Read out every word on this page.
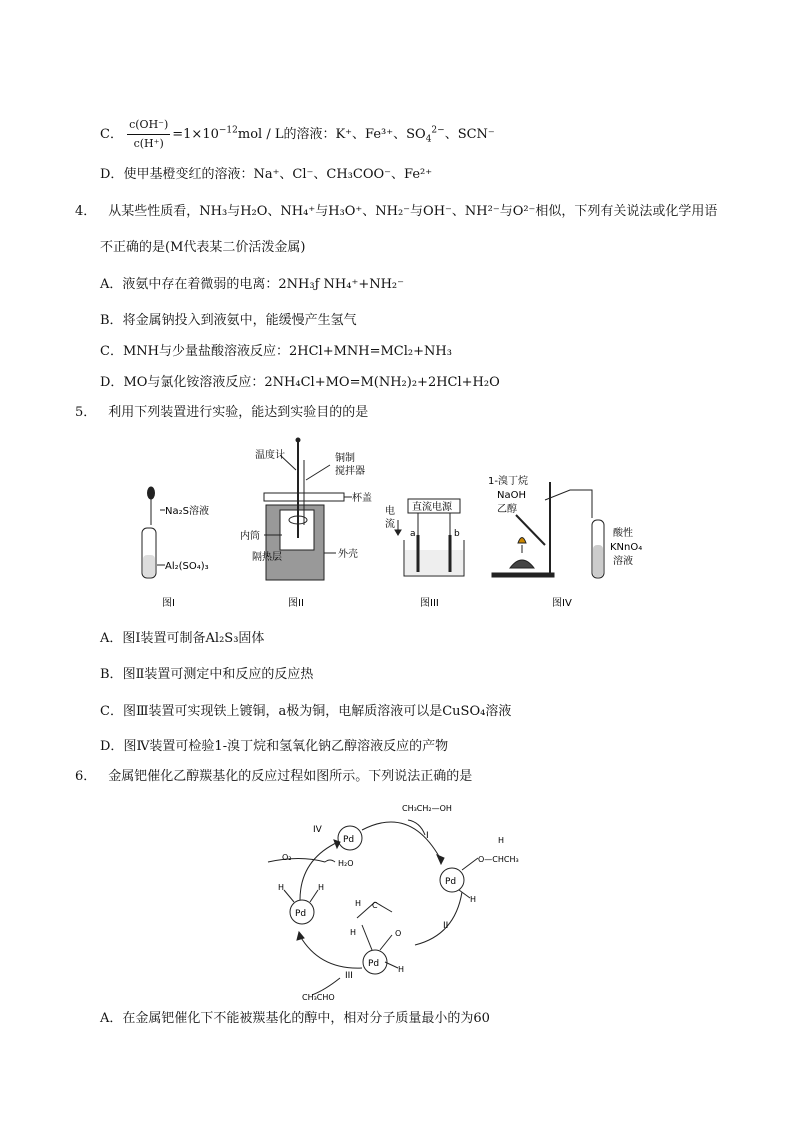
C． $\frac{c(OH^-)}{c(H^+)} =1\times 10^{-12}mol / L$的溶液：K⁺、Fe³⁺、$SO_4^{2-}$、SCN⁻
D．使甲基橙变红的溶液：Na⁺、Cl⁻、CH₃COO⁻、Fe²⁺
4． 从某些性质看，NH₃与H₂O、NH₄⁺与H₃O⁺、NH₂⁻与OH⁻、NH²⁻与O²⁻相似，下列有关说法或化学用语
不正确的是(M代表某二价活泼金属)
A．液氨中存在着微弱的电离：2NH₃ƒ NH₄⁺+NH₂⁻
B．将金属钠投入到液氨中，能缓慢产生氢气
C．MNH与少量盐酸溶液反应：2HCl+MNH=MCl₂+NH₃
D．MO与氯化铵溶液反应：2NH₄Cl+MO=M(NH₂)₂+2HCl+H₂O
5． 利用下列装置进行实验，能达到实验目的的是
Na₂S溶液
Al₂(SO₄)₃
图I
温度计	铜制
搅拌器
杯盖
内筒
隔热层	外壳
图II
直流电源
电
流
a	b
图III
1-溴丁烷
NaOH
乙醇
酸性
KNnO₄
溶液
图IV
Pd
Pd
Pd
Pd
CH₃CH₂—OH
I
II
III
IV
O₂
H₂O
CH₃CHO
O—CHCH₃
H
H
C
O
H
H
H
H	H
A．图Ⅰ装置可制备Al₂S₃固体
B．图Ⅱ装置可测定中和反应的反应热
C．图Ⅲ装置可实现铁上镀铜，a极为铜，电解质溶液可以是CuSO₄溶液
D．图Ⅳ装置可检验1-溴丁烷和氢氧化钠乙醇溶液反应的产物
6． 金属钯催化乙醇羰基化的反应过程如图所示。下列说法正确的是
A．在金属钯催化下不能被羰基化的醇中，相对分子质量最小的为60
